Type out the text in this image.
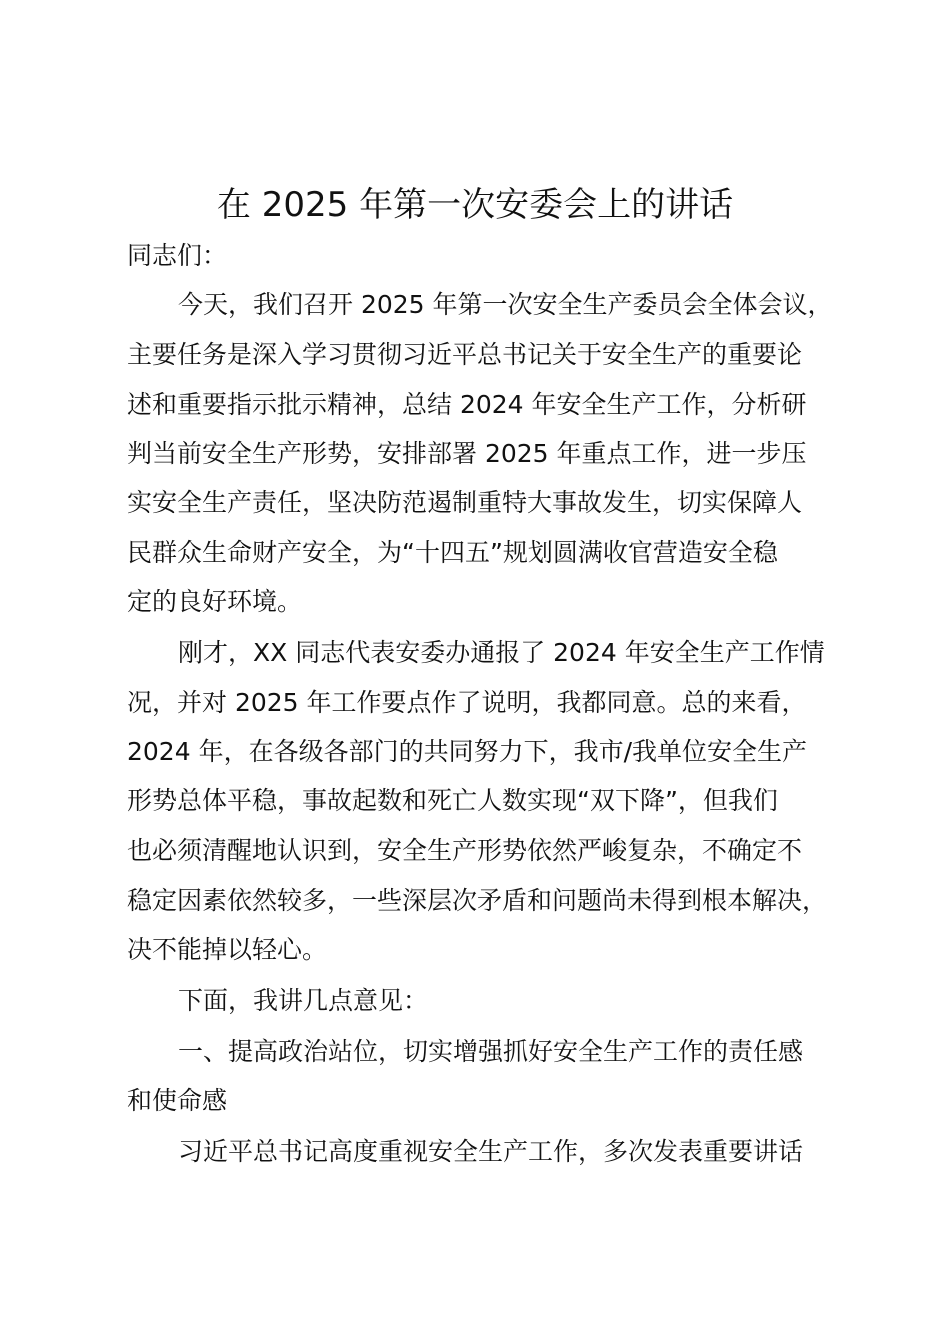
在 2025 年第一次安委会上的讲话
同志们：
今天，我们召开 2025 年第一次安全生产委员会全体会议，
主要任务是深入学习贯彻习近平总书记关于安全生产的重要论
述和重要指示批示精神，总结 2024 年安全生产工作，分析研
判当前安全生产形势，安排部署 2025 年重点工作，进一步压
实安全生产责任，坚决防范遏制重特大事故发生，切实保障人
民群众生命财产安全，为“十四五”规划圆满收官营造安全稳
定的良好环境。
刚才，XX 同志代表安委办通报了 2024 年安全生产工作情
况，并对 2025 年工作要点作了说明，我都同意。总的来看，
2024 年，在各级各部门的共同努力下，我市/我单位安全生产
形势总体平稳，事故起数和死亡人数实现“双下降”，但我们
也必须清醒地认识到，安全生产形势依然严峻复杂，不确定不
稳定因素依然较多，一些深层次矛盾和问题尚未得到根本解决，
决不能掉以轻心。
下面，我讲几点意见：
一、提高政治站位，切实增强抓好安全生产工作的责任感
和使命感
习近平总书记高度重视安全生产工作，多次发表重要讲话
